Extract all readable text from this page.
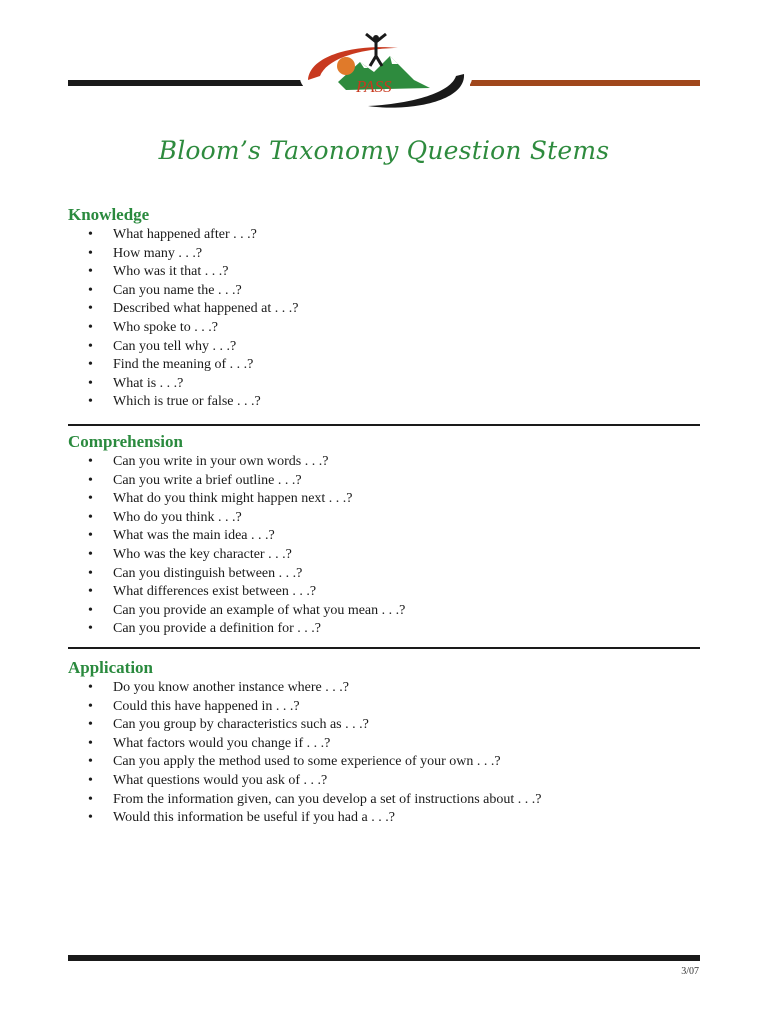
PASS
Bloom’s Taxonomy Question Stems
Knowledge
• What happened after . . .?
• How many . . .?
• Who was it that . . .?
• Can you name the . . .?
• Described what happened at . . .?
• Who spoke to . . .?
• Can you tell why . . .?
• Find the meaning of . . .?
• What is . . .?
• Which is true or false . . .?
Comprehension
• Can you write in your own words . . .?
• Can you write a brief outline . . .?
• What do you think might happen next . . .?
• Who do you think . . .?
• What was the main idea . . .?
• Who was the key character . . .?
• Can you distinguish between . . .?
• What differences exist between . . .?
• Can you provide an example of what you mean . . .?
• Can you provide a definition for . . .?
Application
• Do you know another instance where . . .?
• Could this have happened in . . .?
• Can you group by characteristics such as . . .?
• What factors would you change if . . .?
• Can you apply the method used to some experience of your own . . .?
• What questions would you ask of . . .?
• From the information given, can you develop a set of instructions about . . .?
• Would this information be useful if you had a . . .?
3/07
